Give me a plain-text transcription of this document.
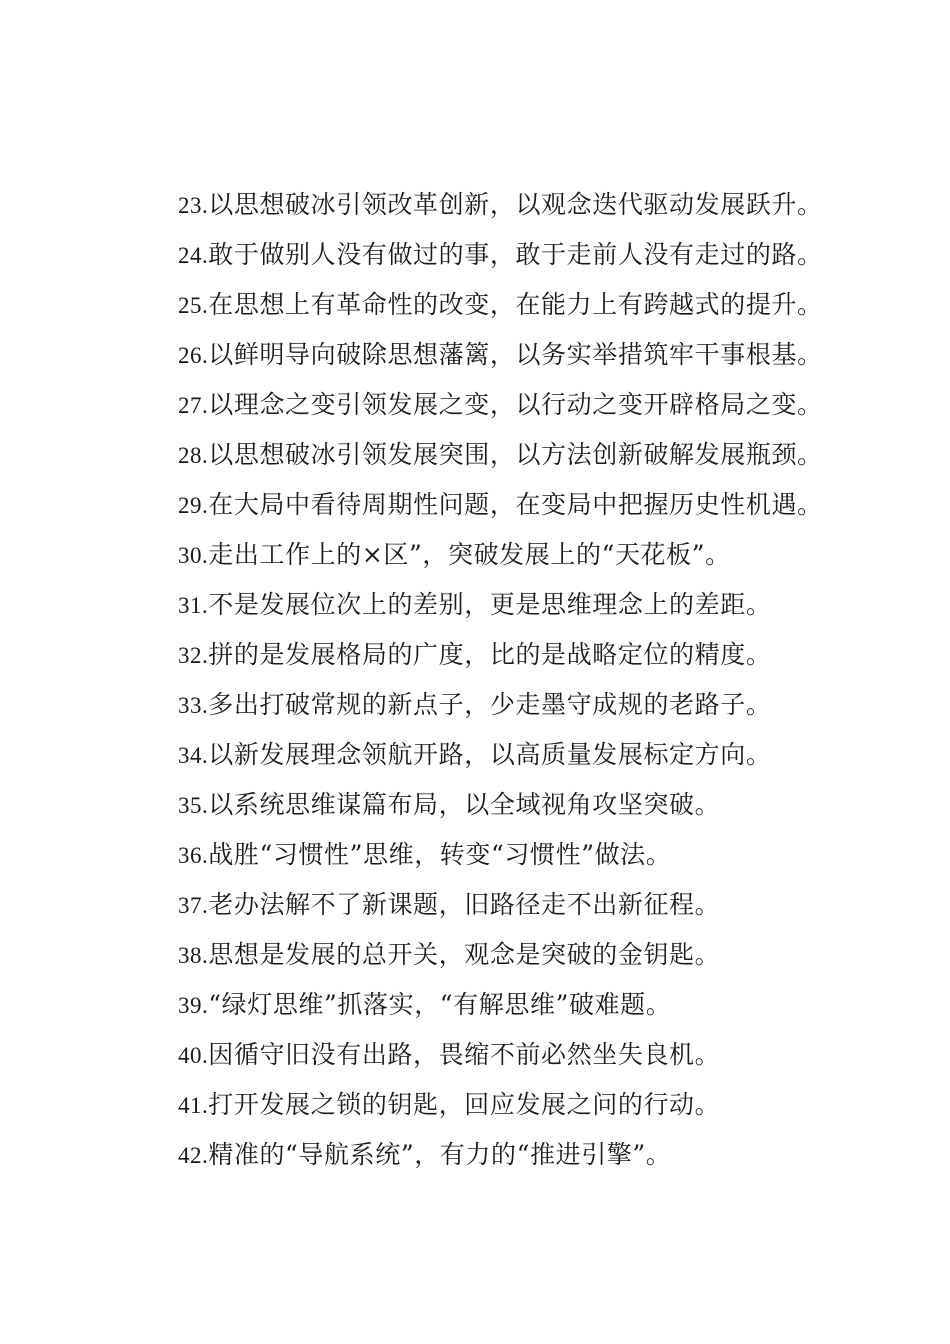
23.以思想破冰引领改革创新，以观念迭代驱动发展跃升。
24.敢于做别人没有做过的事，敢于走前人没有走过的路。
25.在思想上有革命性的改变，在能力上有跨越式的提升。
26.以鲜明导向破除思想藩篱，以务实举措筑牢干事根基。
27.以理念之变引领发展之变，以行动之变开辟格局之变。
28.以思想破冰引领发展突围，以方法创新破解发展瓶颈。
29.在大局中看待周期性问题，在变局中把握历史性机遇。
30.走出工作上的×区”，突破发展上的“天花板”。
31.不是发展位次上的差别，更是思维理念上的差距。
32.拼的是发展格局的广度，比的是战略定位的精度。
33.多出打破常规的新点子，少走墨守成规的老路子。
34.以新发展理念领航开路，以高质量发展标定方向。
35.以系统思维谋篇布局，以全域视角攻坚突破。
36.战胜“习惯性”思维，转变“习惯性”做法。
37.老办法解不了新课题，旧路径走不出新征程。
38.思想是发展的总开关，观念是突破的金钥匙。
39.“绿灯思维”抓落实，“有解思维”破难题。
40.因循守旧没有出路，畏缩不前必然坐失良机。
41.打开发展之锁的钥匙，回应发展之问的行动。
42.精准的“导航系统”，有力的“推进引擎”。
